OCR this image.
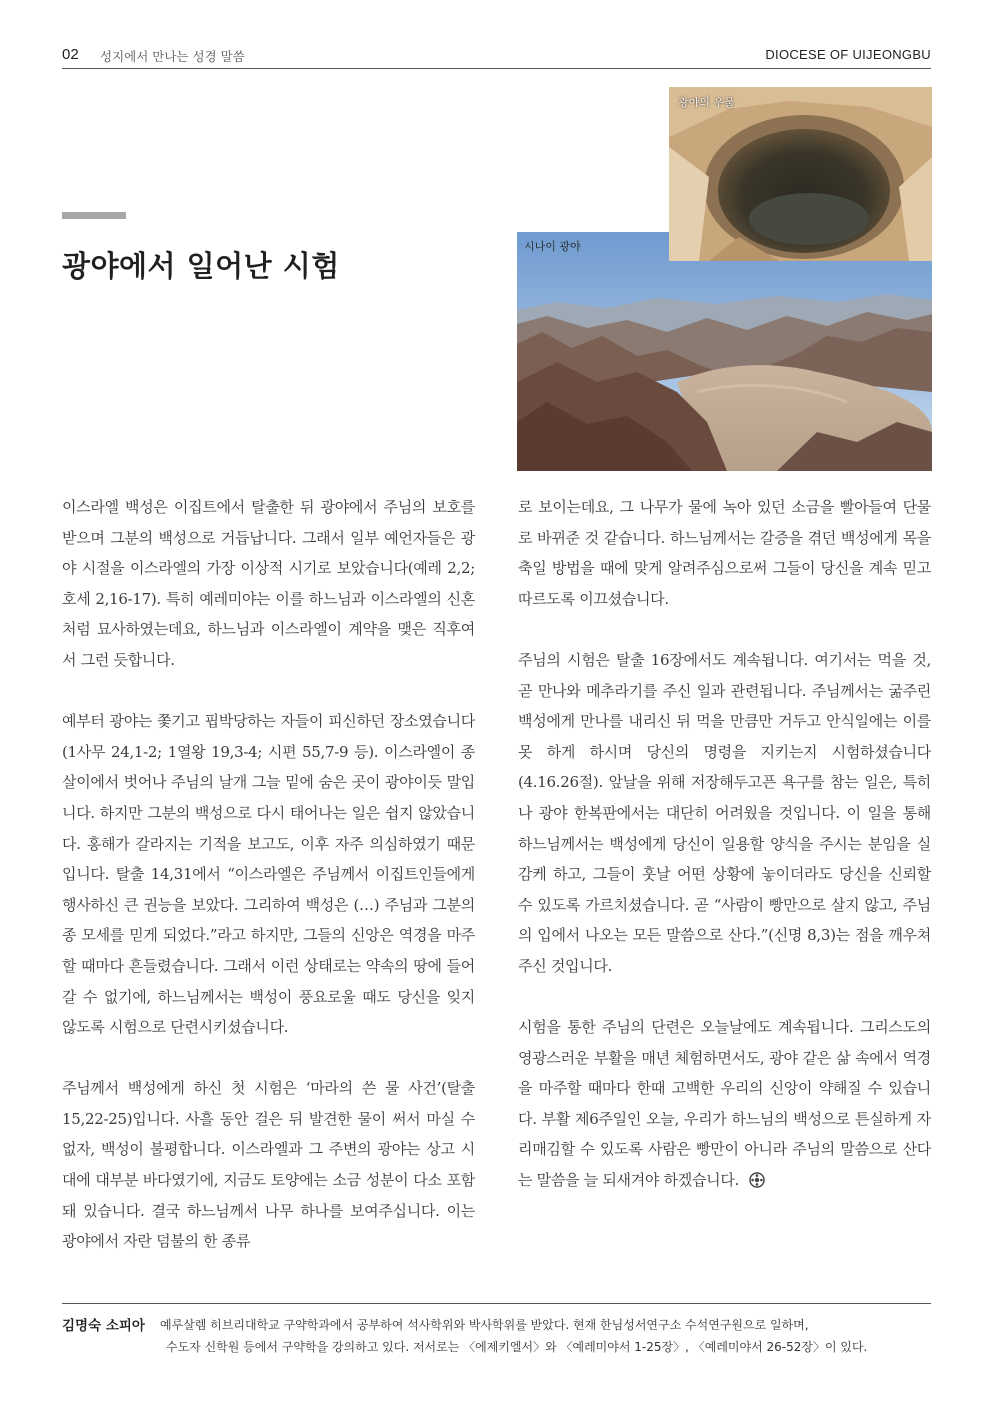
02 성지에서 만나는 성경 말씀	DIOCESE OF UIJEONGBU
광야에서 일어난 시험
광야의 우물
시나이 광야

이스라엘 백성은 이집트에서 탈출한 뒤 광야에서 주님의 보호를 받으며 그분의 백성으로 거듭납니다. 그래서 일부 예언자들은 광야 시절을 이스라엘의 가장 이상적 시기로 보았습니다(예레 2,2; 호세 2,16-17). 특히 예레미야는 이를 하느님과 이스라엘의 신혼처럼 묘사하였는데요, 하느님과 이스라엘이 계약을 맺은 직후여서 그런 듯합니다.

예부터 광야는 쫓기고 핍박당하는 자들이 피신하던 장소였습니다(1사무 24,1-2; 1열왕 19,3-4; 시편 55,7-9 등). 이스라엘이 종살이에서 벗어나 주님의 날개 그늘 밑에 숨은 곳이 광야이듯 말입니다. 하지만 그분의 백성으로 다시 태어나는 일은 쉽지 않았습니다. 홍해가 갈라지는 기적을 보고도, 이후 자주 의심하였기 때문입니다. 탈출 14,31에서 “이스라엘은 주님께서 이집트인들에게 행사하신 큰 권능을 보았다. 그리하여 백성은 (…) 주님과 그분의 종 모세를 믿게 되었다.”라고 하지만, 그들의 신앙은 역경을 마주할 때마다 흔들렸습니다. 그래서 이런 상태로는 약속의 땅에 들어갈 수 없기에, 하느님께서는 백성이 풍요로울 때도 당신을 잊지 않도록 시험으로 단련시키셨습니다.

주님께서 백성에게 하신 첫 시험은 ‘마라의 쓴 물 사건’(탈출 15,22-25)입니다. 사흘 동안 걸은 뒤 발견한 물이 써서 마실 수 없자, 백성이 불평합니다. 이스라엘과 그 주변의 광야는 상고 시대에 대부분 바다였기에, 지금도 토양에는 소금 성분이 다소 포함돼 있습니다. 결국 하느님께서 나무 하나를 보여주십니다. 이는 광야에서 자란 덤불의 한 종류

로 보이는데요, 그 나무가 물에 녹아 있던 소금을 빨아들여 단물로 바뀌준 것 같습니다. 하느님께서는 갈증을 겪던 백성에게 목을 축일 방법을 때에 맞게 알려주심으로써 그들이 당신을 계속 믿고 따르도록 이끄셨습니다.

주님의 시험은 탈출 16장에서도 계속됩니다. 여기서는 먹을 것, 곧 만나와 메추라기를 주신 일과 관련됩니다. 주님께서는 굶주린 백성에게 만나를 내리신 뒤 먹을 만큼만 거두고 안식일에는 이를 못 하게 하시며 당신의 명령을 지키는지 시험하셨습니다(4.16.26절). 앞날을 위해 저장해두고픈 욕구를 참는 일은, 특히나 광야 한복판에서는 대단히 어려웠을 것입니다. 이 일을 통해 하느님께서는 백성에게 당신이 일용할 양식을 주시는 분임을 실감케 하고, 그들이 훗날 어떤 상황에 놓이더라도 당신을 신뢰할 수 있도록 가르치셨습니다. 곧 “사람이 빵만으로 살지 않고, 주님의 입에서 나오는 모든 말씀으로 산다.”(신명 8,3)는 점을 깨우쳐주신 것입니다.

시험을 통한 주님의 단련은 오늘날에도 계속됩니다. 그리스도의 영광스러운 부활을 매년 체험하면서도, 광야 같은 삶 속에서 역경을 마주할 때마다 한때 고백한 우리의 신앙이 약해질 수 있습니다. 부활 제6주일인 오늘, 우리가 하느님의 백성으로 튼실하게 자리매김할 수 있도록 사람은 빵만이 아니라 주님의 말씀으로 산다는 말씀을 늘 되새겨야 하겠습니다.

김명숙 소피아 예루살렘 히브리대학교 구약학과에서 공부하여 석사학위와 박사학위를 받았다. 현재 한님성서연구소 수석연구원으로 일하며,
수도자 신학원 등에서 구약학을 강의하고 있다. 저서로는 〈에제키엘서〉와 〈예레미야서 1-25장〉, 〈예레미야서 26-52장〉이 있다.
